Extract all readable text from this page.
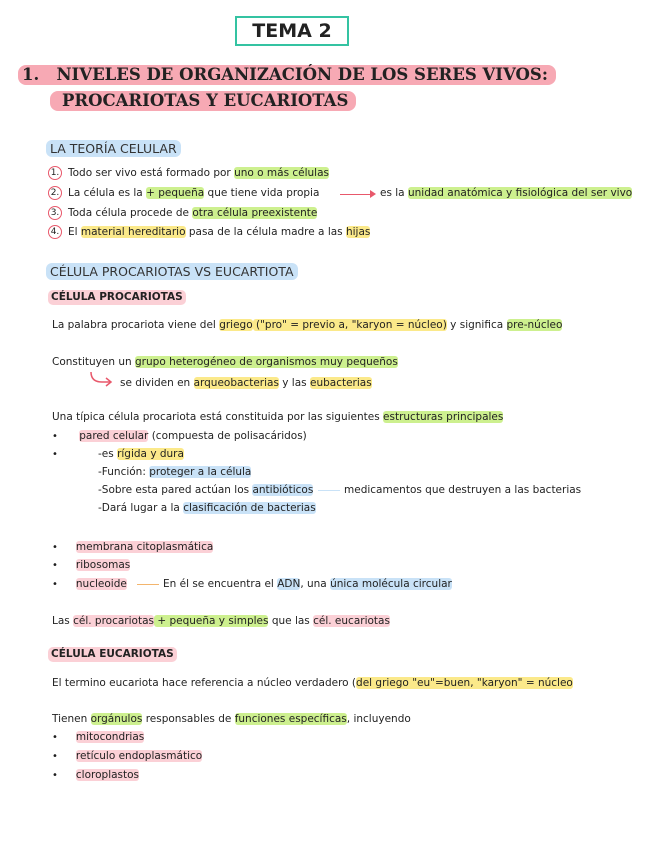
TEMA 2
1. NIVELES DE ORGANIZACIÓN DE LOS SERES VIVOS:
PROCARIOTAS Y EUCARIOTAS
LA TEORÍA CELULAR
1. Todo ser vivo está formado por uno o más células
2. La célula es la + pequeña que tiene vida propia	es la unidad anatómica y fisiológica del ser vivo
3. Toda célula procede de otra célula preexistente
4. El material hereditario pasa de la célula madre a las hijas
CÉLULA PROCARIOTAS VS EUCARTIOTA
CÉLULA PROCARIOTAS
La palabra procariota viene del griego ("pro" = previo a, "karyon = núcleo) y significa pre-núcleo
Constituyen un grupo heterogéneo de organismos muy pequeños
se dividen en arqueobacterias y las eubacterias
Una típica célula procariota está constituida por las siguientes estructuras principales
• pared celular (compuesta de polisacáridos)
•	-es rígida y dura
-Función: proteger a la célula
-Sobre esta pared actúan los antibióticos	medicamentos que destruyen a las bacterias
-Dará lugar a la clasificación de bacterias
• membrana citoplasmática
• ribosomas
• nucleoide	En él se encuentra el ADN, una única molécula circular
Las cél. procariotas + pequeña y simples que las cél. eucariotas
CÉLULA EUCARIOTAS
El termino eucariota hace referencia a núcleo verdadero (del griego "eu"=buen, "karyon" = núcleo
Tienen orgánulos responsables de funciones específicas, incluyendo
• mitocondrias
• retículo endoplasmático
• cloroplastos
